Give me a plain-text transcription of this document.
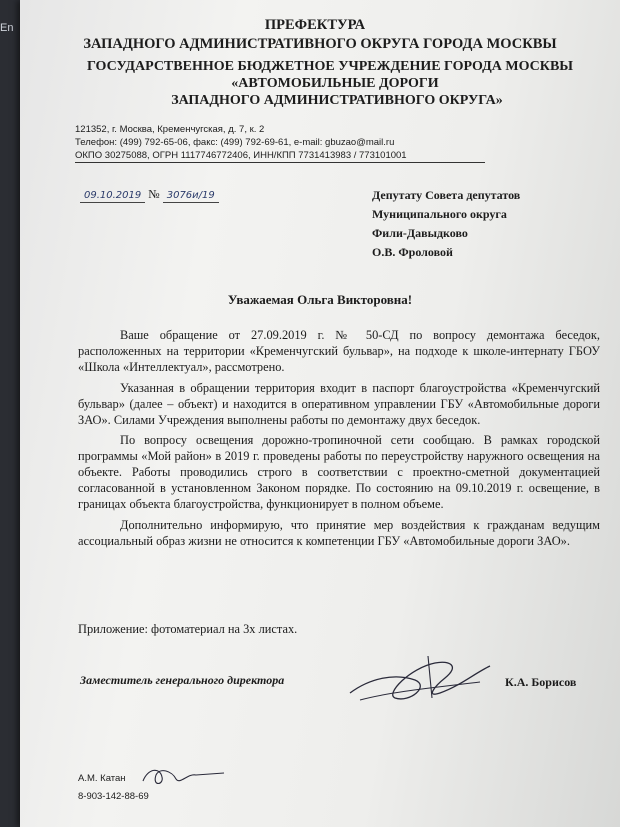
En	ПРЕФЕКТУРА
ЗАПАДНОГО АДМИНИСТРАТИВНОГО ОКРУГА ГОРОДА МОСКВЫ
ГОСУДАРСТВЕННОЕ БЮДЖЕТНОЕ УЧРЕЖДЕНИЕ ГОРОДА МОСКВЫ
«АВТОМОБИЛЬНЫЕ ДОРОГИ
ЗАПАДНОГО АДМИНИСТРАТИВНОГО ОКРУГА»
121352, г. Москва, Кременчугская, д. 7, к. 2
Телефон: (499) 792-65-06, факс: (499) 792-69-61, e-mail: gbuzao@mail.ru
ОКПО 30275088, ОГРН 1117746772406, ИНН/КПП 7731413983 / 773101001
09.10.2019 № 3076и/19	Депутату Совета депутатов
Муниципального округа
Фили-Давыдково
О.В. Фроловой
Уважаемая Ольга Викторовна!

Ваше обращение от 27.09.2019 г. № 50-СД по вопросу демонтажа беседок, расположенных на территории «Кременчугский бульвар», на подходе к школе-интернату ГБОУ «Школа «Интеллектуал», рассмотрено.

Указанная в обращении территория входит в паспорт благоустройства «Кременчугский бульвар» (далее – объект) и находится в оперативном управлении ГБУ «Автомобильные дороги ЗАО». Силами Учреждения выполнены работы по демонтажу двух беседок.

По вопросу освещения дорожно-тропиночной сети сообщаю. В рамках городской программы «Мой район» в 2019 г. проведены работы по переустройству наружного освещения на объекте. Работы проводились строго в соответствии с проектно-сметной документацией согласованной в установленном Законом порядке. По состоянию на 09.10.2019 г. освещение, в границах объекта благоустройства, функционирует в полном объеме.

Дополнительно информирую, что принятие мер воздействия к гражданам ведущим ассоциальный образ жизни не относится к компетенции ГБУ «Автомобильные дороги ЗАО».

Приложение: фотоматериал на 3х листах.
Заместитель генерального директора	К.А. Борисов
А.М. Катан
8-903-142-88-69
